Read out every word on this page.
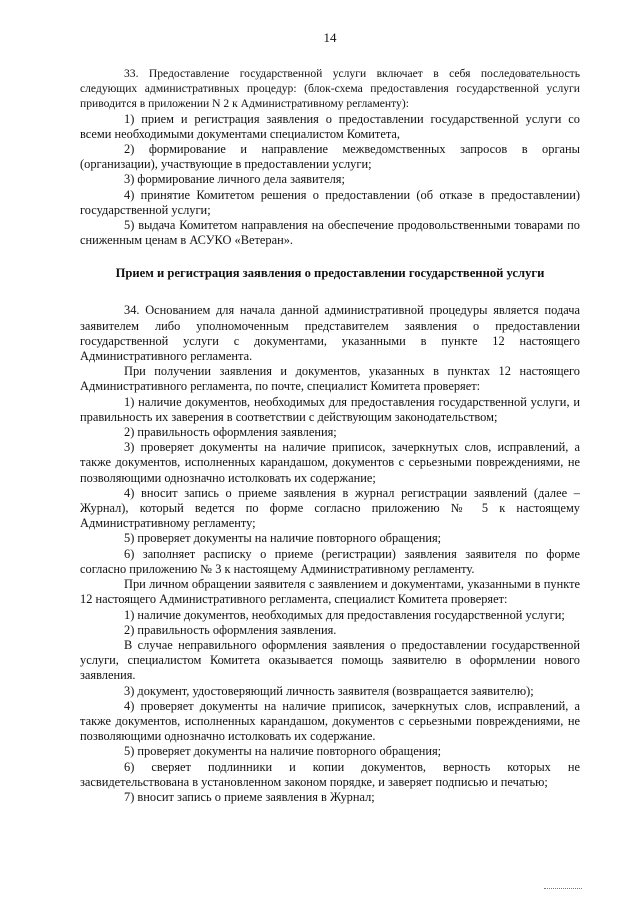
14

33. Предоставление государственной услуги включает в себя последовательность следующих административных процедур: (блок-схема предоставления государственной услуги приводится в приложении N 2 к Административному регламенту):

1) прием и регистрация заявления о предоставлении государственной услуги со всеми необходимыми документами специалистом Комитета,

2) формирование и направление межведомственных запросов в органы (организации), участвующие в предоставлении услуги;

3) формирование личного дела заявителя;

4) принятие Комитетом решения о предоставлении (об отказе в предоставлении) государственной услуги;

5) выдача Комитетом направления на обеспечение продовольственными товарами по сниженным ценам в АСУКО «Ветеран».

Прием и регистрация заявления о предоставлении государственной услуги

34. Основанием для начала данной административной процедуры является подача заявителем либо уполномоченным представителем заявления о предоставлении государственной услуги с документами, указанными в пункте 12 настоящего Административного регламента.

При получении заявления и документов, указанных в пунктах 12 настоящего Административного регламента, по почте, специалист Комитета проверяет:

1) наличие документов, необходимых для предоставления государственной услуги, и правильность их заверения в соответствии с действующим законодательством;

2) правильность оформления заявления;

3) проверяет документы на наличие приписок, зачеркнутых слов, исправлений, а также документов, исполненных карандашом, документов с серьезными повреждениями, не позволяющими однозначно истолковать их содержание;

4) вносит запись о приеме заявления в журнал регистрации заявлений (далее – Журнал), который ведется по форме согласно приложению № 5 к настоящему Административному регламенту;

5) проверяет документы на наличие повторного обращения;

6) заполняет расписку о приеме (регистрации) заявления заявителя по форме согласно приложению № 3 к настоящему Административному регламенту.

При личном обращении заявителя с заявлением и документами, указанными в пункте 12 настоящего Административного регламента, специалист Комитета проверяет:

1) наличие документов, необходимых для предоставления государственной услуги;

2) правильность оформления заявления.

В случае неправильного оформления заявления о предоставлении государственной услуги, специалистом Комитета оказывается помощь заявителю в оформлении нового заявления.

3) документ, удостоверяющий личность заявителя (возвращается заявителю);

4) проверяет документы на наличие приписок, зачеркнутых слов, исправлений, а также документов, исполненных карандашом, документов с серьезными повреждениями, не позволяющими однозначно истолковать их содержание.

5) проверяет документы на наличие повторного обращения;

6) сверяет подлинники и копии документов, верность которых не засвидетельствована в установленном законом порядке, и заверяет подписью и печатью;

7) вносит запись о приеме заявления в Журнал;
